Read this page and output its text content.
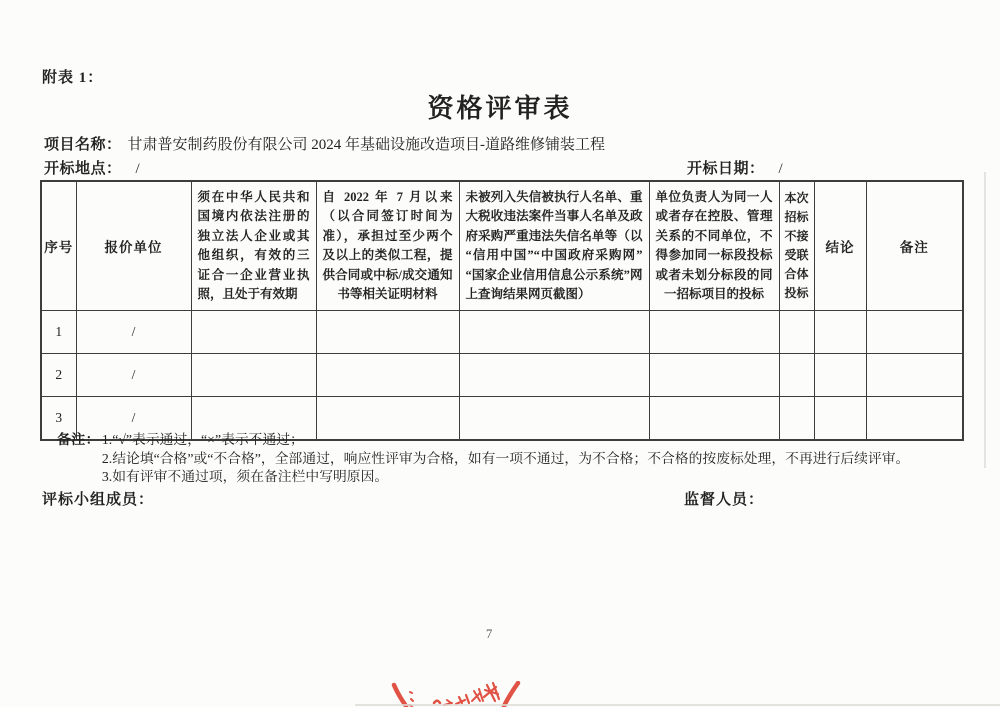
附表 1：
资格评审表
项目名称： 甘肃普安制药股份有限公司 2024 年基础设施改造项目-道路维修铺装工程
开标地点： /	开标日期： /
序号	报价单位	须在中华人民共和国境内依法注册的独立法人企业或其他组织，有效的三证合一企业营业执照，且处于有效期	自 2022 年 7 月以来（以合同签订时间为准），承担过至少两个及以上的类似工程，提供合同或中标/成交通知书等相关证明材料	未被列入失信被执行人名单、重大税收违法案件当事人名单及政府采购严重违法失信名单等（以“信用中国”“中国政府采购网”“国家企业信用信息公示系统”网上查询结果网页截图）	单位负责人为同一人或者存在控股、管理关系的不同单位，不得参加同一标段投标或者未划分标段的同一招标项目的投标	本次招标不接受联合体投标	结论	备注
1	/							
2	/							
3	/							
备注： 1.“√”表示通过，“×”表示不通过；
2.结论填“合格”或“不合格”，全部通过，响应性评审为合格，如有一项不通过，为不合格；不合格的按废标处理，不再进行后续评审。
3.如有评审不通过项，须在备注栏中写明原因。
评标小组成员：	监督人员：
7
